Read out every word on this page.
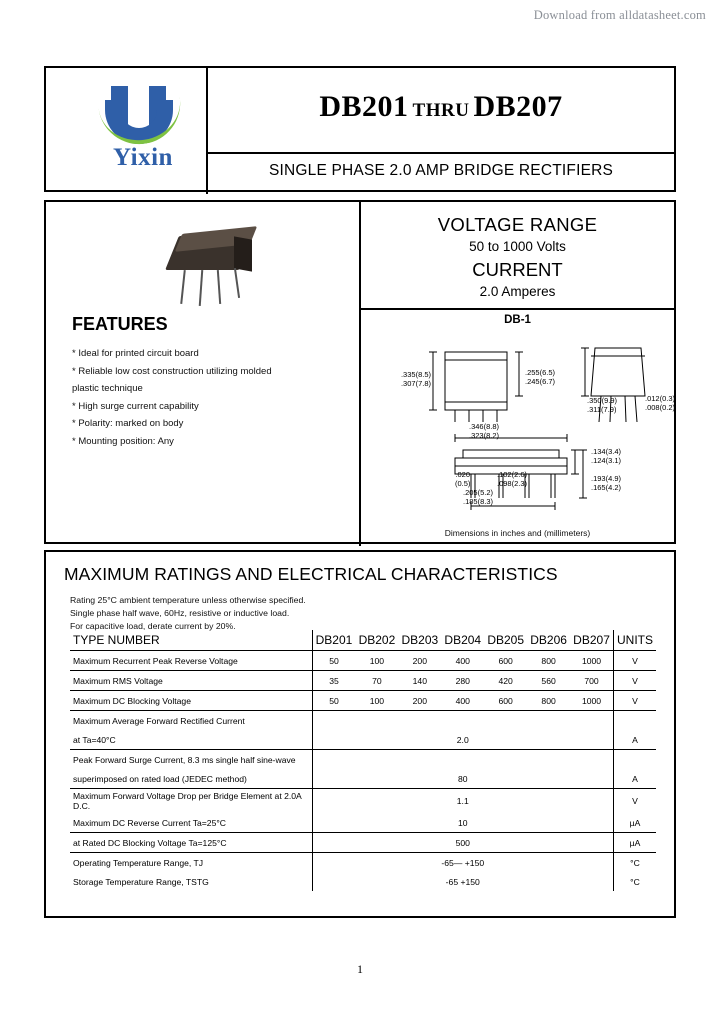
Download from alldatasheet.com
Yixin
DB201 THRU DB207
SINGLE PHASE 2.0 AMP BRIDGE RECTIFIERS
FEATURES
* Ideal for printed circuit board
* Reliable low cost construction utilizing molded
plastic technique
* High surge current capability
* Polarity: marked on body
* Mounting position: Any
VOLTAGE RANGE
50 to 1000 Volts
CURRENT
2.0 Amperes
DB-1
.335(8.5)
.307(7.8)
.255(6.5)
.245(6.7)
.350(9.9)
.311(7.9)
.012(0.3)
.008(0.2)
.346(8.8)
.323(8.2)
.134(3.4)
.124(3.1)
.193(4.9)
.165(4.2)
.102(2.6)
.098(2.3)
.020
(0.5)
.205(5.2)
.185(8.3)
Dimensions in inches and (millimeters)
MAXIMUM RATINGS AND ELECTRICAL CHARACTERISTICS
Rating 25°C ambient temperature unless otherwise specified.
Single phase half wave, 60Hz, resistive or inductive load.
For capacitive load, derate current by 20%.
TYPE NUMBER	DB201	DB202	DB203	DB204	DB205	DB206	DB207	UNITS
Maximum Recurrent Peak Reverse Voltage	50	100	200	400	600	800	1000	V
Maximum RMS Voltage	35	70	140	280	420	560	700	V
Maximum DC Blocking Voltage	50	100	200	400	600	800	1000	V
Maximum Average Forward Rectified Current								
at Ta=40°C	2.0							A
Peak Forward Surge Current, 8.3 ms single half sine-wave								
superimposed on rated load (JEDEC method)	80							A
Maximum Forward Voltage Drop per Bridge Element at 2.0A D.C.	1.1							V
Maximum DC Reverse Current Ta=25°C	10							µA
at Rated DC Blocking Voltage Ta=125°C	500							µA
Operating Temperature Range, TJ	-65— +150							°C
Storage Temperature Range, TSTG	-65 +150							°C
1
